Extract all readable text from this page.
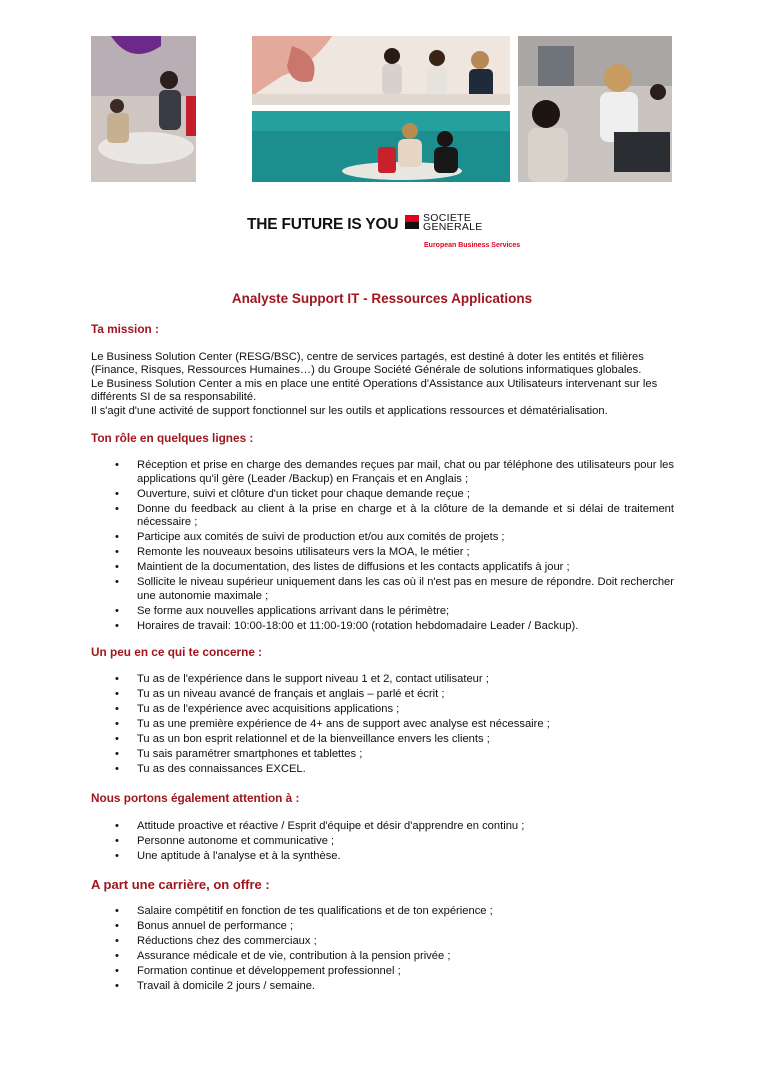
THE FUTURE IS YOU SOCIETE
GENERALE
European Business Services
Analyste Support IT - Ressources Applications
Ta mission :

Le Business Solution Center (RESG/BSC), centre de services partagés, est destiné à doter les entités et filières (Finance, Risques, Ressources Humaines…) du Groupe Société Générale de solutions informatiques globales.

Le Business Solution Center a mis en place une entité Operations d'Assistance aux Utilisateurs intervenant sur les différents SI de sa responsabilité.

Il s'agit d'une activité de support fonctionnel sur les outils et applications ressources et dématérialisation.

Ton rôle en quelques lignes :
• Réception et prise en charge des demandes reçues par mail, chat ou par téléphone des utilisateurs pour les applications qu'il gère (Leader /Backup) en Français et en Anglais ;
• Ouverture, suivi et clôture d'un ticket pour chaque demande reçue ;
• Donne du feedback au client à la prise en charge et à la clôture de la demande et si délai de traitement nécessaire ;
• Participe aux comités de suivi de production et/ou aux comités de projets ;
• Remonte les nouveaux besoins utilisateurs vers la MOA, le métier ;
• Maintient de la documentation, des listes de diffusions et les contacts applicatifs à jour ;
• Sollicite le niveau supérieur uniquement dans les cas où il n'est pas en mesure de répondre. Doit rechercher une autonomie maximale ;
• Se forme aux nouvelles applications arrivant dans le périmètre;
• Horaires de travail: 10:00-18:00 et 11:00-19:00 (rotation hebdomadaire Leader / Backup).
Un peu en ce qui te concerne :
• Tu as de l'expérience dans le support niveau 1 et 2, contact utilisateur ;
• Tu as un niveau avancé de français et anglais – parlé et écrit ;
• Tu as de l'expérience avec acquisitions applications ;
• Tu as une première expérience de 4+ ans de support avec analyse est nécessaire ;
• Tu as un bon esprit relationnel et de la bienveillance envers les clients ;
• Tu sais paramétrer smartphones et tablettes ;
• Tu as des connaissances EXCEL.
Nous portons également attention à :
• Attitude proactive et réactive / Esprit d'équipe et désir d'apprendre en continu ;
• Personne autonome et communicative ;
• Une aptitude à l'analyse et à la synthèse.
A part une carrière, on offre :
• Salaire compétitif en fonction de tes qualifications et de ton expérience ;
• Bonus annuel de performance ;
• Réductions chez des commerciaux ;
• Assurance médicale et de vie, contribution à la pension privée ;
• Formation continue et développement professionnel ;
• Travail à domicile 2 jours / semaine.
